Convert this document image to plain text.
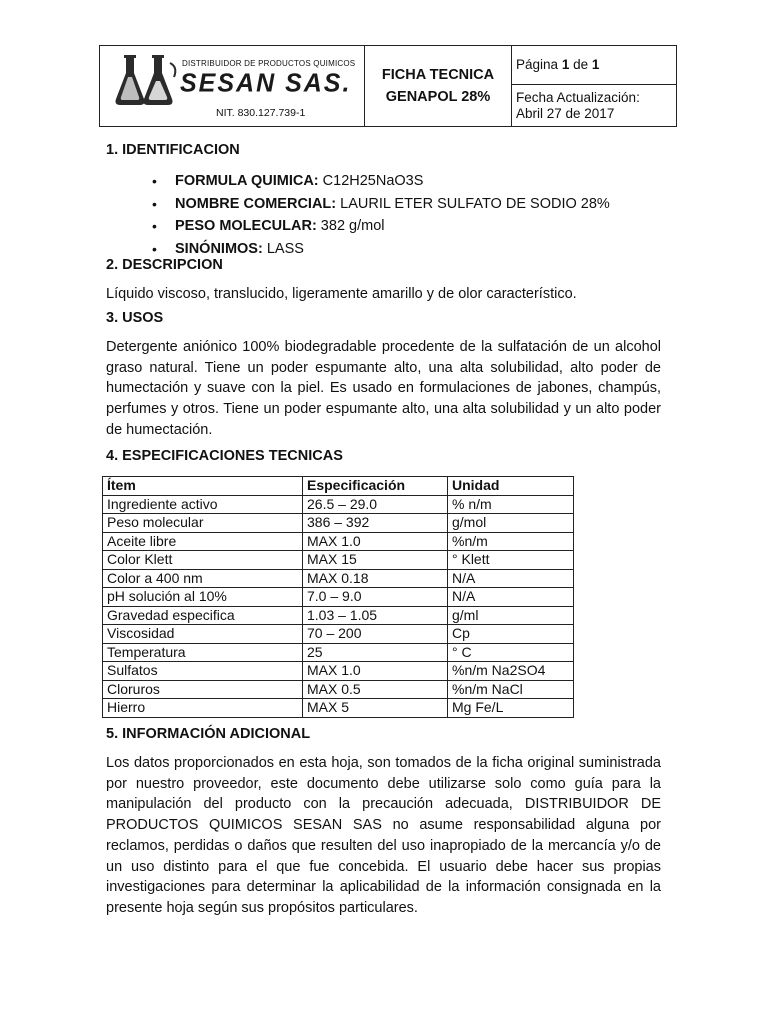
DISTRIBUIDOR DE PRODUCTOS QUIMICOS
SESAN SAS.
NIT. 830.127.739-1

FICHA TECNICA
GENAPOL 28%
	Página 1 de 1

Fecha Actualización:
Abril 27 de 2017
1. IDENTIFICACION
• FORMULA QUIMICA: C12H25NaO3S
• NOMBRE COMERCIAL: LAURIL ETER SULFATO DE SODIO 28%
• PESO MOLECULAR: 382 g/mol
• SINÓNIMOS: LASS
2. DESCRIPCION
Líquido viscoso, translucido, ligeramente amarillo y de olor característico.
3. USOS
Detergente aniónico 100% biodegradable procedente de la sulfatación de un alcohol graso natural. Tiene un poder espumante alto, una alta solubilidad, alto poder de humectación y suave con la piel. Es usado en formulaciones de jabones, champús, perfumes y otros. Tiene un poder espumante alto, una alta solubilidad y un alto poder de humectación.
4. ESPECIFICACIONES TECNICAS
Ítem	Especificación	Unidad
Ingrediente activo	26.5 – 29.0	% n/m
Peso molecular	386 – 392	g/mol
Aceite libre	MAX 1.0	%n/m
Color Klett	MAX 15	° Klett
Color a 400 nm	MAX 0.18	N/A
pH solución al 10%	7.0 – 9.0	N/A
Gravedad especifica	1.03 – 1.05	g/ml
Viscosidad	70 – 200	Cp
Temperatura	25	° C
Sulfatos	MAX 1.0	%n/m Na2SO4
Cloruros	MAX 0.5	%n/m NaCl
Hierro	MAX 5	Mg Fe/L
5. INFORMACIÓN ADICIONAL
Los datos proporcionados en esta hoja, son tomados de la ficha original suministrada por nuestro proveedor, este documento debe utilizarse solo como guía para la manipulación del producto con la precaución adecuada, DISTRIBUIDOR DE PRODUCTOS QUIMICOS SESAN SAS no asume responsabilidad alguna por reclamos, perdidas o daños que resulten del uso inapropiado de la mercancía y/o de un uso distinto para el que fue concebida. El usuario debe hacer sus propias investigaciones para determinar la aplicabilidad de la información consignada en la presente hoja según sus propósitos particulares.
